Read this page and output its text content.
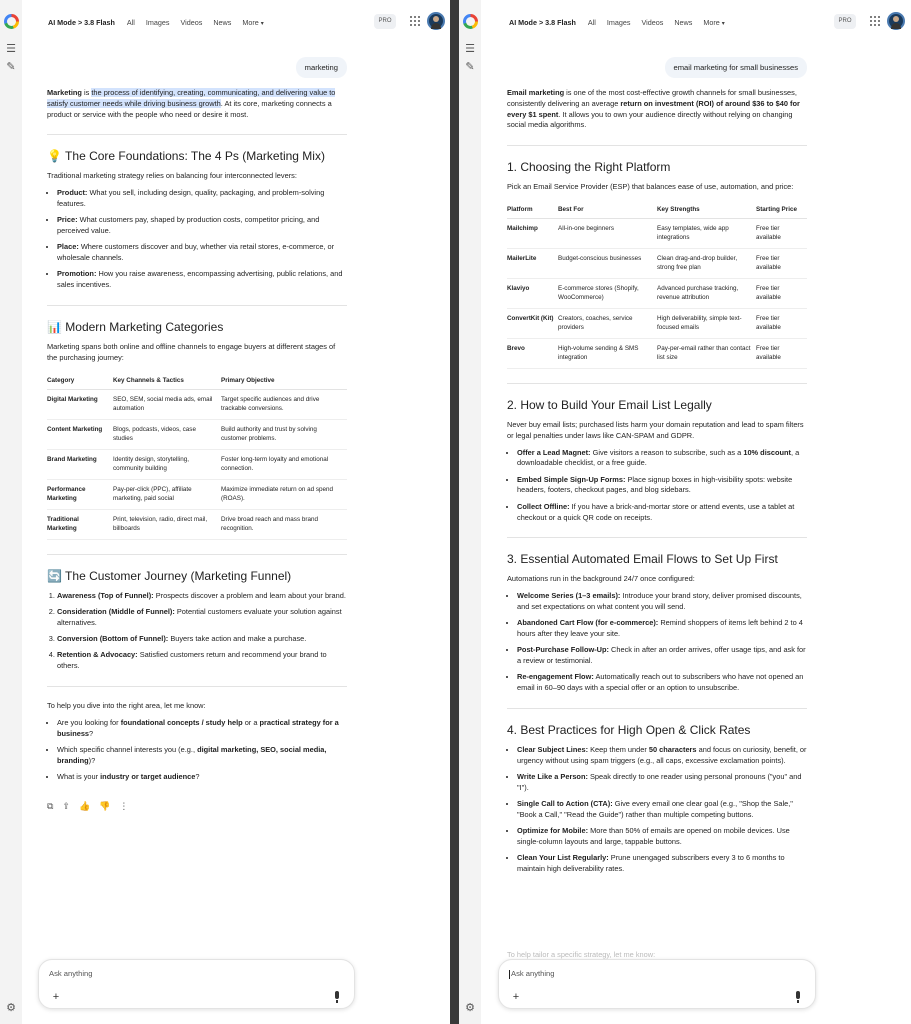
☰
✎
⚙
AI Mode > 3.8 Flash All Images Videos News More ▾	PRO
marketing

Marketing is the process of identifying, creating, communicating, and delivering value to satisfy customer needs while driving business growth. At its core, marketing connects a product or service with the people who need or desire it most.

💡 The Core Foundations: The 4 Ps (Marketing Mix)

Traditional marketing strategy relies on balancing four interconnected levers:

• Product: What you sell, including design, quality, packaging, and problem-solving features.
• Price: What customers pay, shaped by production costs, competitor pricing, and perceived value.
• Place: Where customers discover and buy, whether via retail stores, e-commerce, or wholesale channels.
• Promotion: How you raise awareness, encompassing advertising, public relations, and sales incentives.
📊 Modern Marketing Categories

Marketing spans both online and offline channels to engage buyers at different stages of the purchasing journey:

Category	Key Channels & Tactics	Primary Objective
Digital Marketing	SEO, SEM, social media ads, email automation	Target specific audiences and drive trackable conversions.
Content Marketing	Blogs, podcasts, videos, case studies	Build authority and trust by solving customer problems.
Brand Marketing	Identity design, storytelling, community building	Foster long-term loyalty and emotional connection.
Performance Marketing	Pay-per-click (PPC), affiliate marketing, paid social	Maximize immediate return on ad spend (ROAS).
Traditional Marketing	Print, television, radio, direct mail, billboards	Drive broad reach and mass brand recognition.
🔄 The Customer Journey (Marketing Funnel)
1. Awareness (Top of Funnel): Prospects discover a problem and learn about your brand.
2. Consideration (Middle of Funnel): Potential customers evaluate your solution against alternatives.
3. Conversion (Bottom of Funnel): Buyers take action and make a purchase.
4. Retention & Advocacy: Satisfied customers return and recommend your brand to others.

To help you dive into the right area, let me know:

• Are you looking for foundational concepts / study help or a practical strategy for a business?
• Which specific channel interests you (e.g., digital marketing, SEO, social media, branding)?
• What is your industry or target audience?
⧉ ⇪ 👍 👎 ⋮
Ask anything
+
☰
✎
⚙
AI Mode > 3.8 Flash All Images Videos News More ▾	PRO
email marketing for small businesses

Email marketing is one of the most cost-effective growth channels for small businesses, consistently delivering an average return on investment (ROI) of around $36 to $40 for every $1 spent. It allows you to own your audience directly without relying on changing social media algorithms.

1. Choosing the Right Platform

Pick an Email Service Provider (ESP) that balances ease of use, automation, and price:

Platform	Best For	Key Strengths	Starting Price
Mailchimp	All-in-one beginners	Easy templates, wide app integrations	Free tier available
MailerLite	Budget-conscious businesses	Clean drag-and-drop builder, strong free plan	Free tier available
Klaviyo	E-commerce stores (Shopify, WooCommerce)	Advanced purchase tracking, revenue attribution	Free tier available
ConvertKit (Kit)	Creators, coaches, service providers	High deliverability, simple text-focused emails	Free tier available
Brevo	High-volume sending & SMS integration	Pay-per-email rather than contact list size	Free tier available
2. How to Build Your Email List Legally

Never buy email lists; purchased lists harm your domain reputation and lead to spam filters or legal penalties under laws like CAN-SPAM and GDPR.

• Offer a Lead Magnet: Give visitors a reason to subscribe, such as a 10% discount, a downloadable checklist, or a free guide.
• Embed Simple Sign-Up Forms: Place signup boxes in high-visibility spots: website headers, footers, checkout pages, and blog sidebars.
• Collect Offline: If you have a brick-and-mortar store or attend events, use a tablet at checkout or a quick QR code on receipts.
3. Essential Automated Email Flows to Set Up First

Automations run in the background 24/7 once configured:

• Welcome Series (1–3 emails): Introduce your brand story, deliver promised discounts, and set expectations on what content you will send.
• Abandoned Cart Flow (for e-commerce): Remind shoppers of items left behind 2 to 4 hours after they leave your site.
• Post-Purchase Follow-Up: Check in after an order arrives, offer usage tips, and ask for a review or testimonial.
• Re-engagement Flow: Automatically reach out to subscribers who have not opened an email in 60–90 days with a special offer or an option to unsubscribe.
4. Best Practices for High Open & Click Rates
• Clear Subject Lines: Keep them under 50 characters and focus on curiosity, benefit, or urgency without using spam triggers (e.g., all caps, excessive exclamation points).
• Write Like a Person: Speak directly to one reader using personal pronouns ("you" and "I").
• Single Call to Action (CTA): Give every email one clear goal (e.g., "Shop the Sale," "Book a Call," "Read the Guide") rather than multiple competing buttons.
• Optimize for Mobile: More than 50% of emails are opened on mobile devices. Use single-column layouts and large, tappable buttons.
• Clean Your List Regularly: Prune unengaged subscribers every 3 to 6 months to maintain high deliverability rates.
To help tailor a specific strategy, let me know:
Ask anything
+
